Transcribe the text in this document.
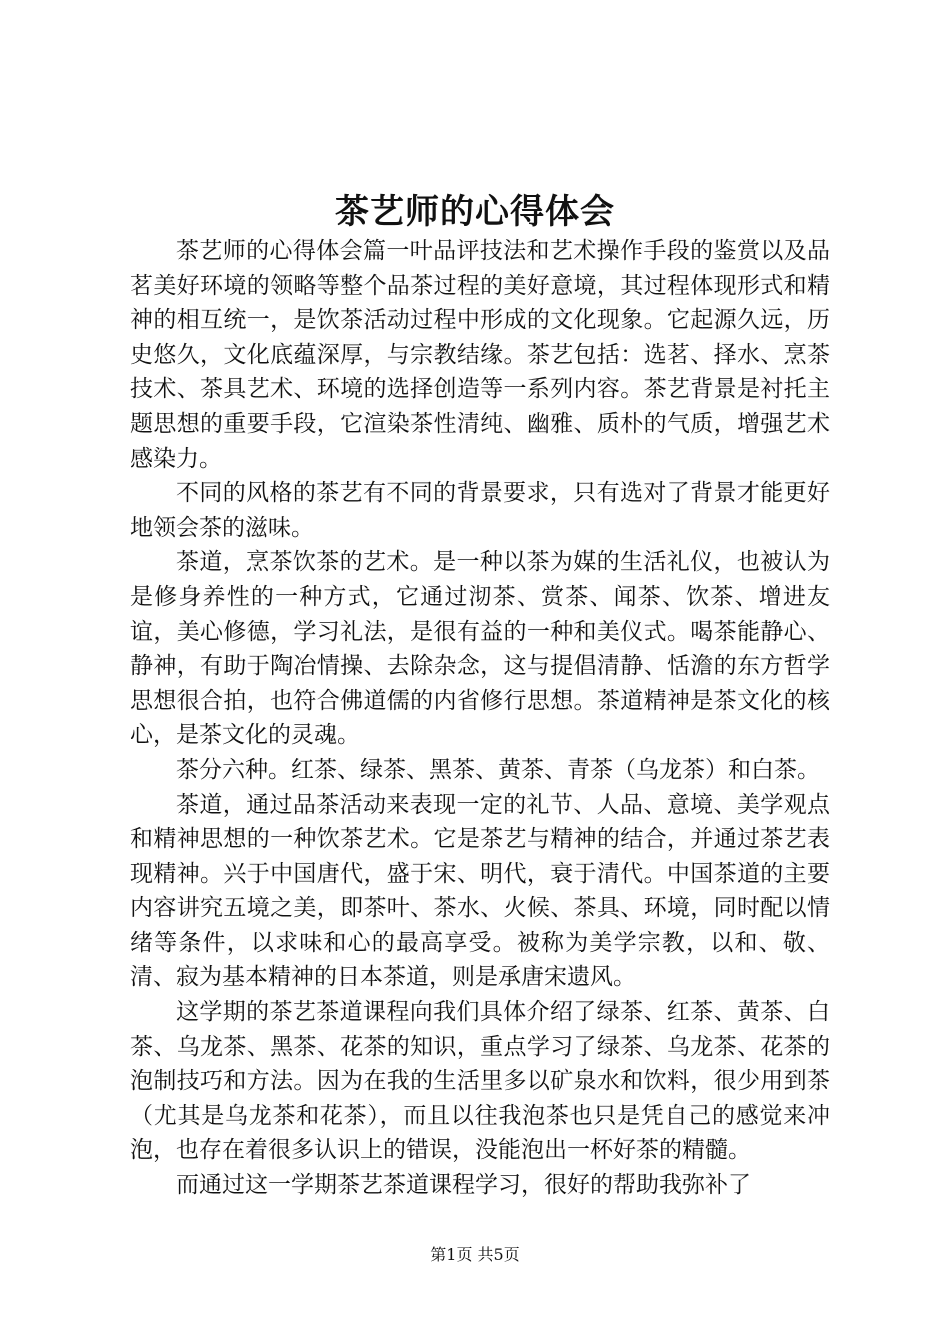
茶艺师的心得体会

茶艺师的心得体会篇一叶品评技法和艺术操作手段的鉴赏以及品茗美好环境的领略等整个品茶过程的美好意境，其过程体现形式和精神的相互统一，是饮茶活动过程中形成的文化现象。它起源久远，历史悠久，文化底蕴深厚，与宗教结缘。茶艺包括：选茗、择水、烹茶技术、茶具艺术、环境的选择创造等一系列内容。茶艺背景是衬托主题思想的重要手段，它渲染茶性清纯、幽雅、质朴的气质，增强艺术感染力。

不同的风格的茶艺有不同的背景要求，只有选对了背景才能更好地领会茶的滋味。

茶道，烹茶饮茶的艺术。是一种以茶为媒的生活礼仪，也被认为是修身养性的一种方式，它通过沏茶、赏茶、闻茶、饮茶、增进友谊，美心修德，学习礼法，是很有益的一种和美仪式。喝茶能静心、静神，有助于陶冶情操、去除杂念，这与提倡清静、恬澹的东方哲学思想很合拍，也符合佛道儒的内省修行思想。茶道精神是茶文化的核心，是茶文化的灵魂。

茶分六种。红茶、绿茶、黑茶、黄茶、青茶（乌龙茶）和白茶。

茶道，通过品茶活动来表现一定的礼节、人品、意境、美学观点和精神思想的一种饮茶艺术。它是茶艺与精神的结合，并通过茶艺表现精神。兴于中国唐代，盛于宋、明代，衰于清代。中国茶道的主要内容讲究五境之美，即茶叶、茶水、火候、茶具、环境，同时配以情绪等条件，以求味和心的最高享受。被称为美学宗教，以和、敬、清、寂为基本精神的日本茶道，则是承唐宋遗风。

这学期的茶艺茶道课程向我们具体介绍了绿茶、红茶、黄茶、白茶、乌龙茶、黑茶、花茶的知识，重点学习了绿茶、乌龙茶、花茶的泡制技巧和方法。因为在我的生活里多以矿泉水和饮料，很少用到茶（尤其是乌龙茶和花茶），而且以往我泡茶也只是凭自己的感觉来冲泡，也存在着很多认识上的错误，没能泡出一杯好茶的精髓。

而通过这一学期茶艺茶道课程学习，很好的帮助我弥补了

第1页 共5页
